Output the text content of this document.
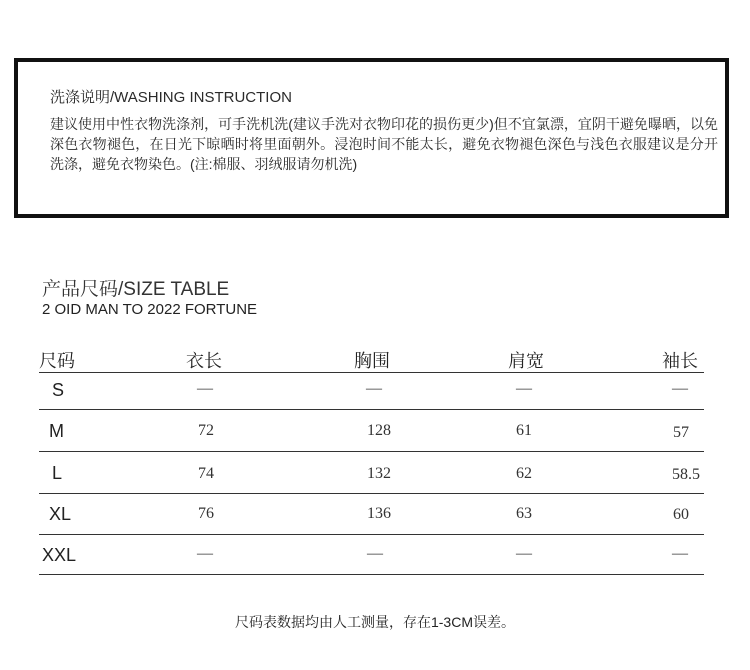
洗涤说明/WASHING INSTRUCTION
建议使用中性衣物洗涤剂，可手洗机洗(建议手洗对衣物印花的损伤更少)但不宜氯漂，宜阴干避免曝晒，以免深色衣物褪色，在日光下晾晒时将里面朝外。浸泡时间不能太长，避免衣物褪色深色与浅色衣服建议是分开洗涤，避免衣物染色。(注:棉服、羽绒服请勿机洗)
产品尺码/SIZE TABLE
2 OID MAN TO 2022 FORTUNE
尺码	衣长	胸围	肩宽	袖长
S	—	—	—	—
M	72	128	61	57
L	74	132	62	58.5
XL	76	136	63	60
XXL	—	—	—	—
尺码表数据均由人工测量，存在1-3CM误差。
